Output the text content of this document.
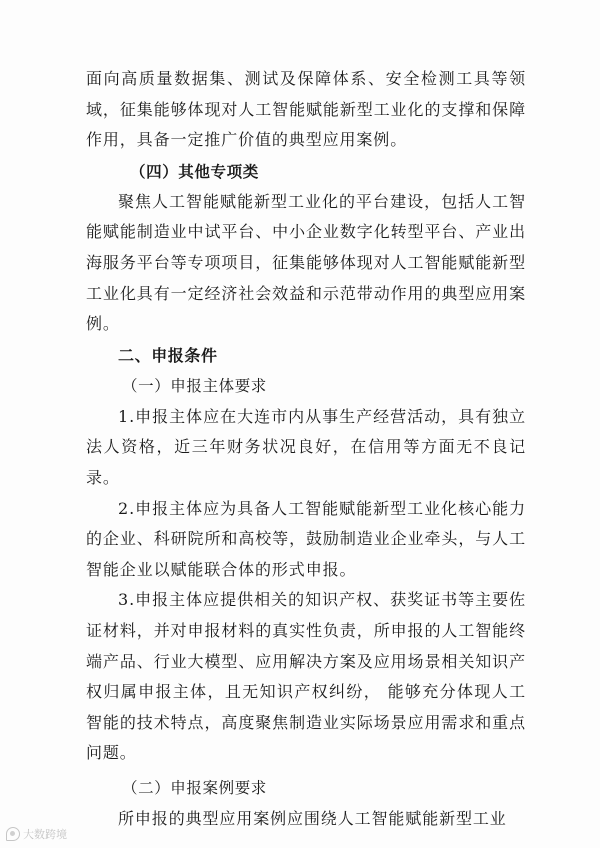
面向高质量数据集、测试及保障体系、安全检测工具等领域，征集能够体现对人工智能赋能新型工业化的支撑和保障作用，具备一定推广价值的典型应用案例。

（四）其他专项类

聚焦人工智能赋能新型工业化的平台建设，包括人工智能赋能制造业中试平台、中小企业数字化转型平台、产业出海服务平台等专项项目，征集能够体现对人工智能赋能新型工业化具有一定经济社会效益和示范带动作用的典型应用案例。

二、申报条件

（一）申报主体要求

1.申报主体应在大连市内从事生产经营活动，具有独立法人资格，近三年财务状况良好，在信用等方面无不良记录。

2.申报主体应为具备人工智能赋能新型工业化核心能力的企业、科研院所和高校等，鼓励制造业企业牵头，与人工智能企业以赋能联合体的形式申报。

3.申报主体应提供相关的知识产权、获奖证书等主要佐证材料，并对申报材料的真实性负责，所申报的人工智能终端产品、行业大模型、应用解决方案及应用场景相关知识产权归属申报主体，且无知识产权纠纷， 能够充分体现人工智能的技术特点，高度聚焦制造业实际场景应用需求和重点问题。

（二）申报案例要求

所申报的典型应用案例应围绕人工智能赋能新型工业

大数跨境
